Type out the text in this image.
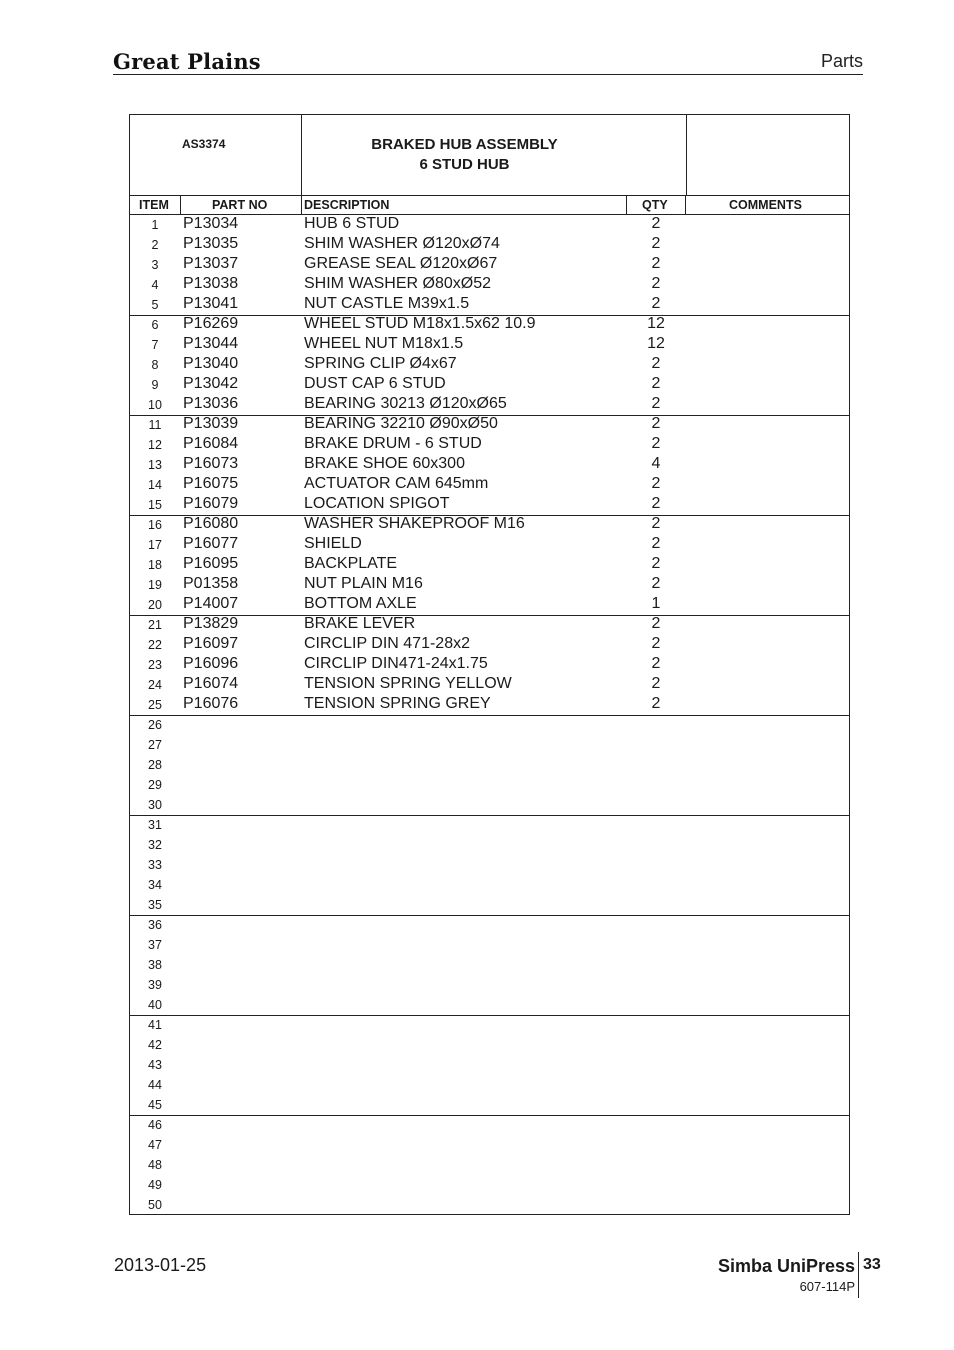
Great Plains	Parts
AS3374	BRAKED HUB ASSEMBLY
6 STUD HUB
ITEM	PART NO	DESCRIPTION	QTY	COMMENTS
1	P13034	HUB 6 STUD	2
2	P13035	SHIM WASHER Ø120xØ74	2
3	P13037	GREASE SEAL Ø120xØ67	2
4	P13038	SHIM WASHER Ø80xØ52	2
5	P13041	NUT CASTLE M39x1.5	2
6	P16269	WHEEL STUD M18x1.5x62 10.9	12
7	P13044	WHEEL NUT M18x1.5	12
8	P13040	SPRING CLIP Ø4x67	2
9	P13042	DUST CAP 6 STUD	2
10	P13036	BEARING 30213 Ø120xØ65	2
11	P13039	BEARING 32210 Ø90xØ50	2
12	P16084	BRAKE DRUM - 6 STUD	2
13	P16073	BRAKE SHOE 60x300	4
14	P16075	ACTUATOR CAM 645mm	2
15	P16079	LOCATION SPIGOT	2
16	P16080	WASHER SHAKEPROOF M16	2
17	P16077	SHIELD	2
18	P16095	BACKPLATE	2
19	P01358	NUT PLAIN M16	2
20	P14007	BOTTOM AXLE	1
21	P13829	BRAKE LEVER	2
22	P16097	CIRCLIP DIN 471-28x2	2
23	P16096	CIRCLIP DIN471-24x1.75	2
24	P16074	TENSION SPRING YELLOW	2
25	P16076	TENSION SPRING GREY	2
26
27
28
29
30
31
32
33
34
35
36
37
38
39
40
41
42
43
44
45
46
47
48
49
50
2013-01-25	Simba UniPress 33
607-114P
